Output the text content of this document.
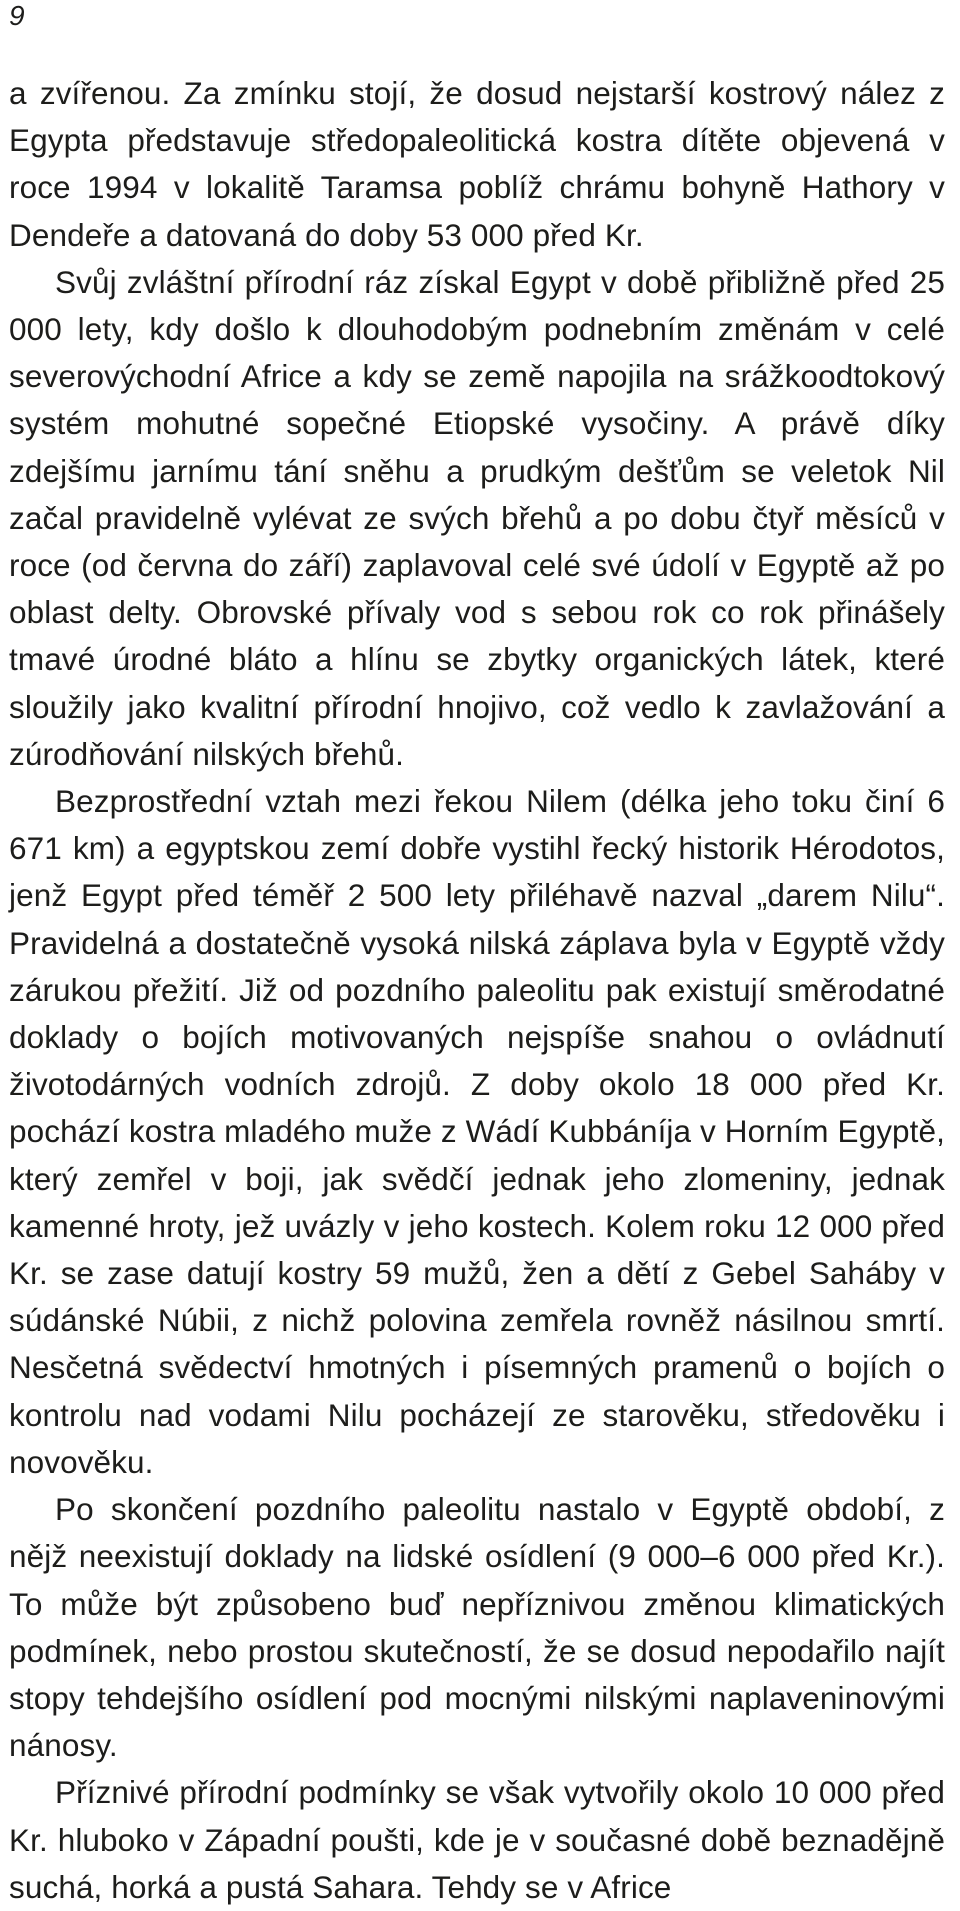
9

a zvířenou. Za zmínku stojí, že dosud nejstarší kostrový nález z Egypta představuje středopaleolitická kostra dítěte objevená v roce 1994 v lokalitě Taramsa poblíž chrámu bohyně Hathory v Dendeře a datovaná do doby 53 000 před Kr.

Svůj zvláštní přírodní ráz získal Egypt v době přibližně před 25 000 lety, kdy došlo k dlouhodobým podnebním změnám v celé severovýchodní Africe a kdy se země napojila na srážkoodtokový systém mohutné sopečné Etiopské vysočiny. A právě díky zdejšímu jarnímu tání sněhu a prudkým dešťům se veletok Nil začal pravidelně vylévat ze svých břehů a po dobu čtyř měsíců v roce (od června do září) zaplavoval celé své údolí v Egyptě až po oblast delty. Obrovské přívaly vod s sebou rok co rok přinášely tmavé úrodné bláto a hlínu se zbytky organických látek, které sloužily jako kvalitní přírodní hnojivo, což vedlo k zavlažování a zúrodňování nilských břehů.

Bezprostřední vztah mezi řekou Nilem (délka jeho toku činí 6 671 km) a egyptskou zemí dobře vystihl řecký historik Hérodotos, jenž Egypt před téměř 2 500 lety přiléhavě nazval „darem Nilu“. Pravidelná a dostatečně vysoká nilská záplava byla v Egyptě vždy zárukou přežití. Již od pozdního paleolitu pak existují směrodatné doklady o bojích motivovaných nejspíše snahou o ovládnutí životodárných vodních zdrojů. Z doby okolo 18 000 před Kr. pochází kostra mladého muže z Wádí Kubbáníja v Horním Egyptě, který zemřel v boji, jak svědčí jednak jeho zlomeniny, jednak kamenné hroty, jež uvázly v jeho kostech. Kolem roku 12 000 před Kr. se zase datují kostry 59 mužů, žen a dětí z Gebel Saháby v súdánské Núbii, z nichž polovina zemřela rovněž násilnou smrtí. Nesčetná svědectví hmotných i písemných pramenů o bojích o kontrolu nad vodami Nilu pocházejí ze starověku, středověku i novověku.

Po skončení pozdního paleolitu nastalo v Egyptě období, z nějž neexistují doklady na lidské osídlení (9 000–6 000 před Kr.). To může být způsobeno buď nepříznivou změnou klimatických podmínek, nebo prostou skutečností, že se dosud nepodařilo najít stopy tehdejšího osídlení pod mocnými nilskými naplaveninovými nánosy.

Příznivé přírodní podmínky se však vytvořily okolo 10 000 před Kr. hluboko v Západní poušti, kde je v současné době beznadějně suchá, horká a pustá Sahara. Tehdy se v Africe
